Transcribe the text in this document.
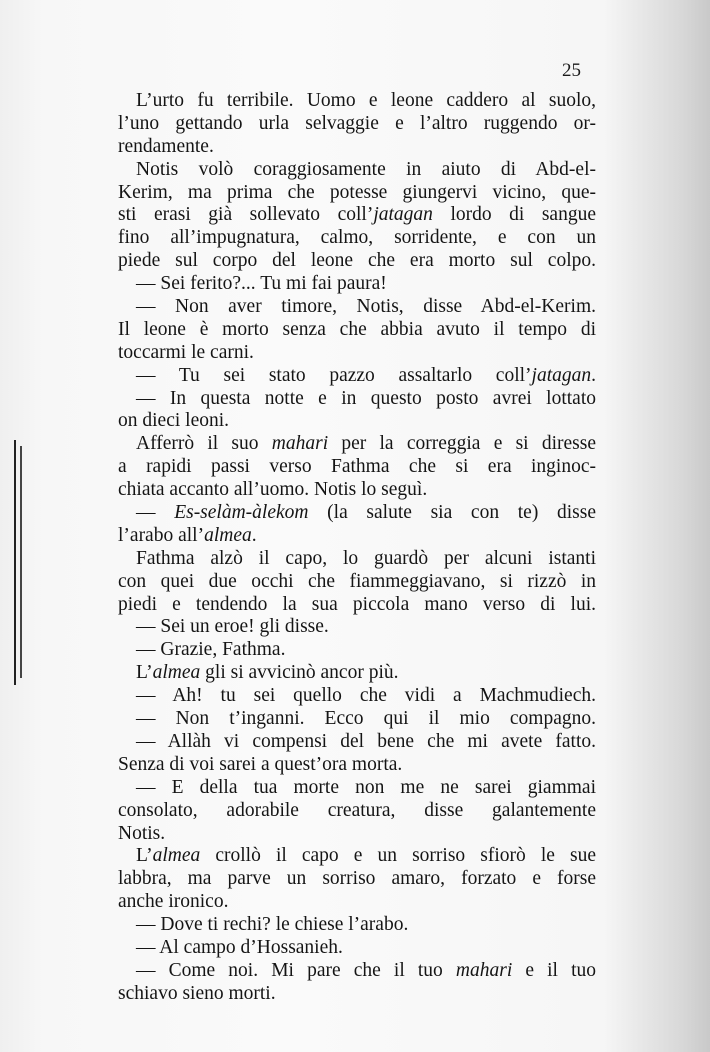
25
L’urto fu terribile. Uomo e leone caddero al suolo,
l’uno gettando urla selvaggie e l’altro ruggendo or-
rendamente.
Notis volò coraggiosamente in aiuto di Abd-el-
Kerim, ma prima che potesse giungervi vicino, que-
sti erasi già sollevato coll’jatagan lordo di sangue
fino all’impugnatura, calmo, sorridente, e con un
piede sul corpo del leone che era morto sul colpo.
— Sei ferito?... Tu mi fai paura!
— Non aver timore, Notis, disse Abd-el-Kerim.
Il leone è morto senza che abbia avuto il tempo di
toccarmi le carni.
— Tu sei stato pazzo assaltarlo coll’jatagan.
— In questa notte e in questo posto avrei lottato
on dieci leoni.
Afferrò il suo mahari per la correggia e si diresse
a rapidi passi verso Fathma che si era inginoc-
chiata accanto all’uomo. Notis lo seguì.
— Es-selàm-àlekom (la salute sia con te) disse
l’arabo all’almea.
Fathma alzò il capo, lo guardò per alcuni istanti
con quei due occhi che fiammeggiavano, si rizzò in
piedi e tendendo la sua piccola mano verso di lui.
— Sei un eroe! gli disse.
— Grazie, Fathma.
L’almea gli si avvicinò ancor più.
— Ah! tu sei quello che vidi a Machmudiech.
— Non t’inganni. Ecco qui il mio compagno.
— Allàh vi compensi del bene che mi avete fatto.
Senza di voi sarei a quest’ora morta.
— E della tua morte non me ne sarei giammai
consolato, adorabile creatura, disse galantemente
Notis.
L’almea crollò il capo e un sorriso sfiorò le sue
labbra, ma parve un sorriso amaro, forzato e forse
anche ironico.
— Dove ti rechi? le chiese l’arabo.
— Al campo d’Hossanieh.
— Come noi. Mi pare che il tuo mahari e il tuo
schiavo sieno morti.
